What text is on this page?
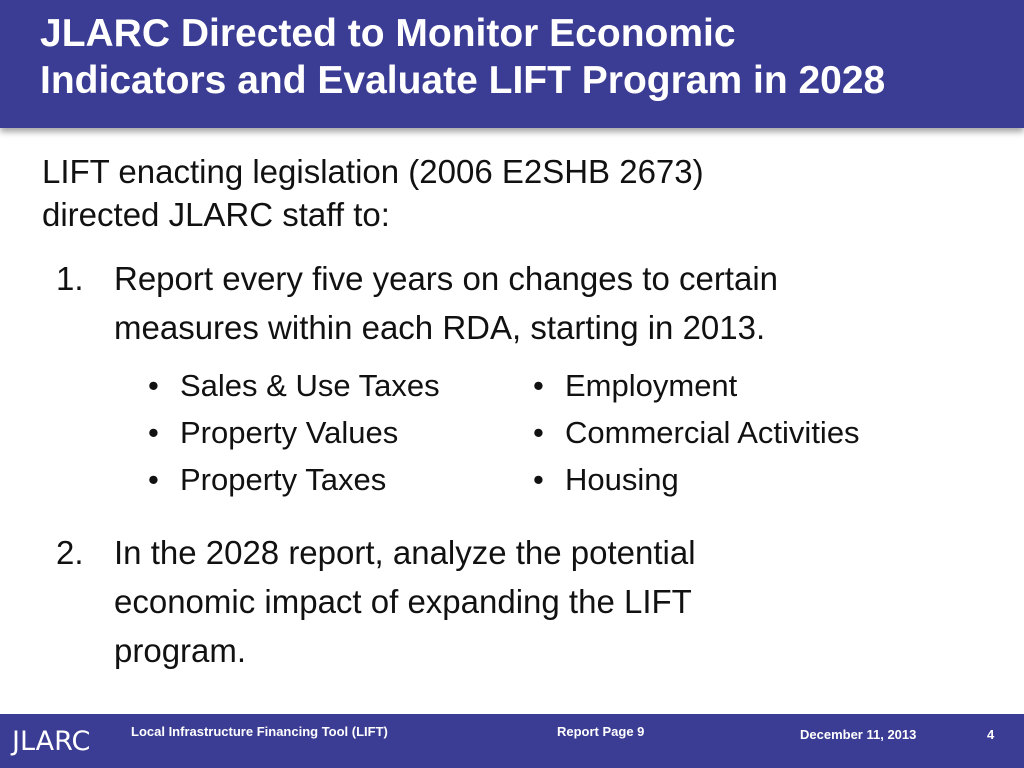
JLARC Directed to Monitor Economic
Indicators and Evaluate LIFT Program in 2028

LIFT enacting legislation (2006 E2SHB 2673)
directed JLARC staff to:

1. Report every five years on changes to certain
measures within each RDA, starting in 2013.
• Sales & Use Taxes
• Property Values
• Property Taxes
• Employment
• Commercial Activities
• Housing
2. In the 2028 report, analyze the potential
economic impact of expanding the LIFT
program.
JLARC	Local Infrastructure Financing Tool (LIFT)	Report Page 9	December 11, 2013	4
